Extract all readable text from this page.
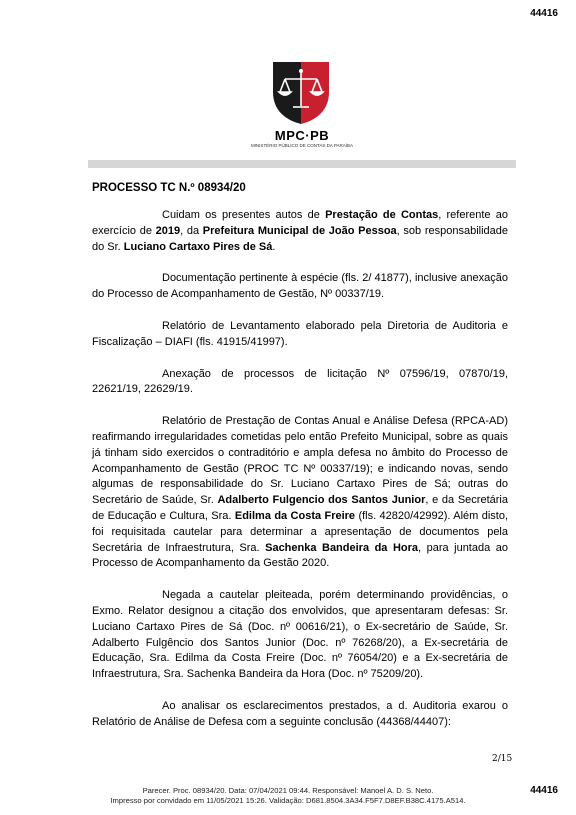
44416
MPC·PB
MINISTÉRIO PÚBLICO DE CONTAS DA PARAÍBA
PROCESSO TC N.º 08934/20

Cuidam os presentes autos de Prestação de Contas, referente ao exercício de 2019, da Prefeitura Municipal de João Pessoa, sob responsabilidade do Sr. Luciano Cartaxo Pires de Sá.

Documentação pertinente à espécie (fls. 2/ 41877), inclusive anexação do Processo de Acompanhamento de Gestão, Nº 00337/19.

Relatório de Levantamento elaborado pela Diretoria de Auditoria e Fiscalização – DIAFI (fls. 41915/41997).

Anexação de processos de licitação Nº 07596/19, 07870/19, 22621/19, 22629/19.

Relatório de Prestação de Contas Anual e Análise Defesa (RPCA-AD) reafirmando irregularidades cometidas pelo então Prefeito Municipal, sobre as quais já tinham sido exercidos o contraditório e ampla defesa no âmbito do Processo de Acompanhamento de Gestão (PROC TC Nº 00337/19); e indicando novas, sendo algumas de responsabilidade do Sr. Luciano Cartaxo Pires de Sá; outras do Secretário de Saúde, Sr. Adalberto Fulgencio dos Santos Junior, e da Secretária de Educação e Cultura, Sra. Edilma da Costa Freire (fls. 42820/42992). Além disto, foi requisitada cautelar para determinar a apresentação de documentos pela Secretária de Infraestrutura, Sra. Sachenka Bandeira da Hora, para juntada ao Processo de Acompanhamento da Gestão 2020.

Negada a cautelar pleiteada, porém determinando providências, o Exmo. Relator designou a citação dos envolvidos, que apresentaram defesas: Sr. Luciano Cartaxo Pires de Sá (Doc. nº 00616/21), o Ex-secretário de Saúde, Sr. Adalberto Fulgêncio dos Santos Junior (Doc. nº 76268/20), a Ex-secretária de Educação, Sra. Edilma da Costa Freire (Doc. nº 76054/20) e a Ex-secretária de Infraestrutura, Sra. Sachenka Bandeira da Hora (Doc. nº 75209/20).

Ao analisar os esclarecimentos prestados, a d. Auditoria exarou o Relatório de Análise de Defesa com a seguinte conclusão (44368/44407):

2/15
Parecer. Proc. 08934/20. Data: 07/04/2021 09:44. Responsável: Manoel A. D. S. Neto.
Impresso por convidado em 11/05/2021 15:26. Validação: D681.8504.3A34.F5F7.D8EF.B38C.4175.A514.
44416
